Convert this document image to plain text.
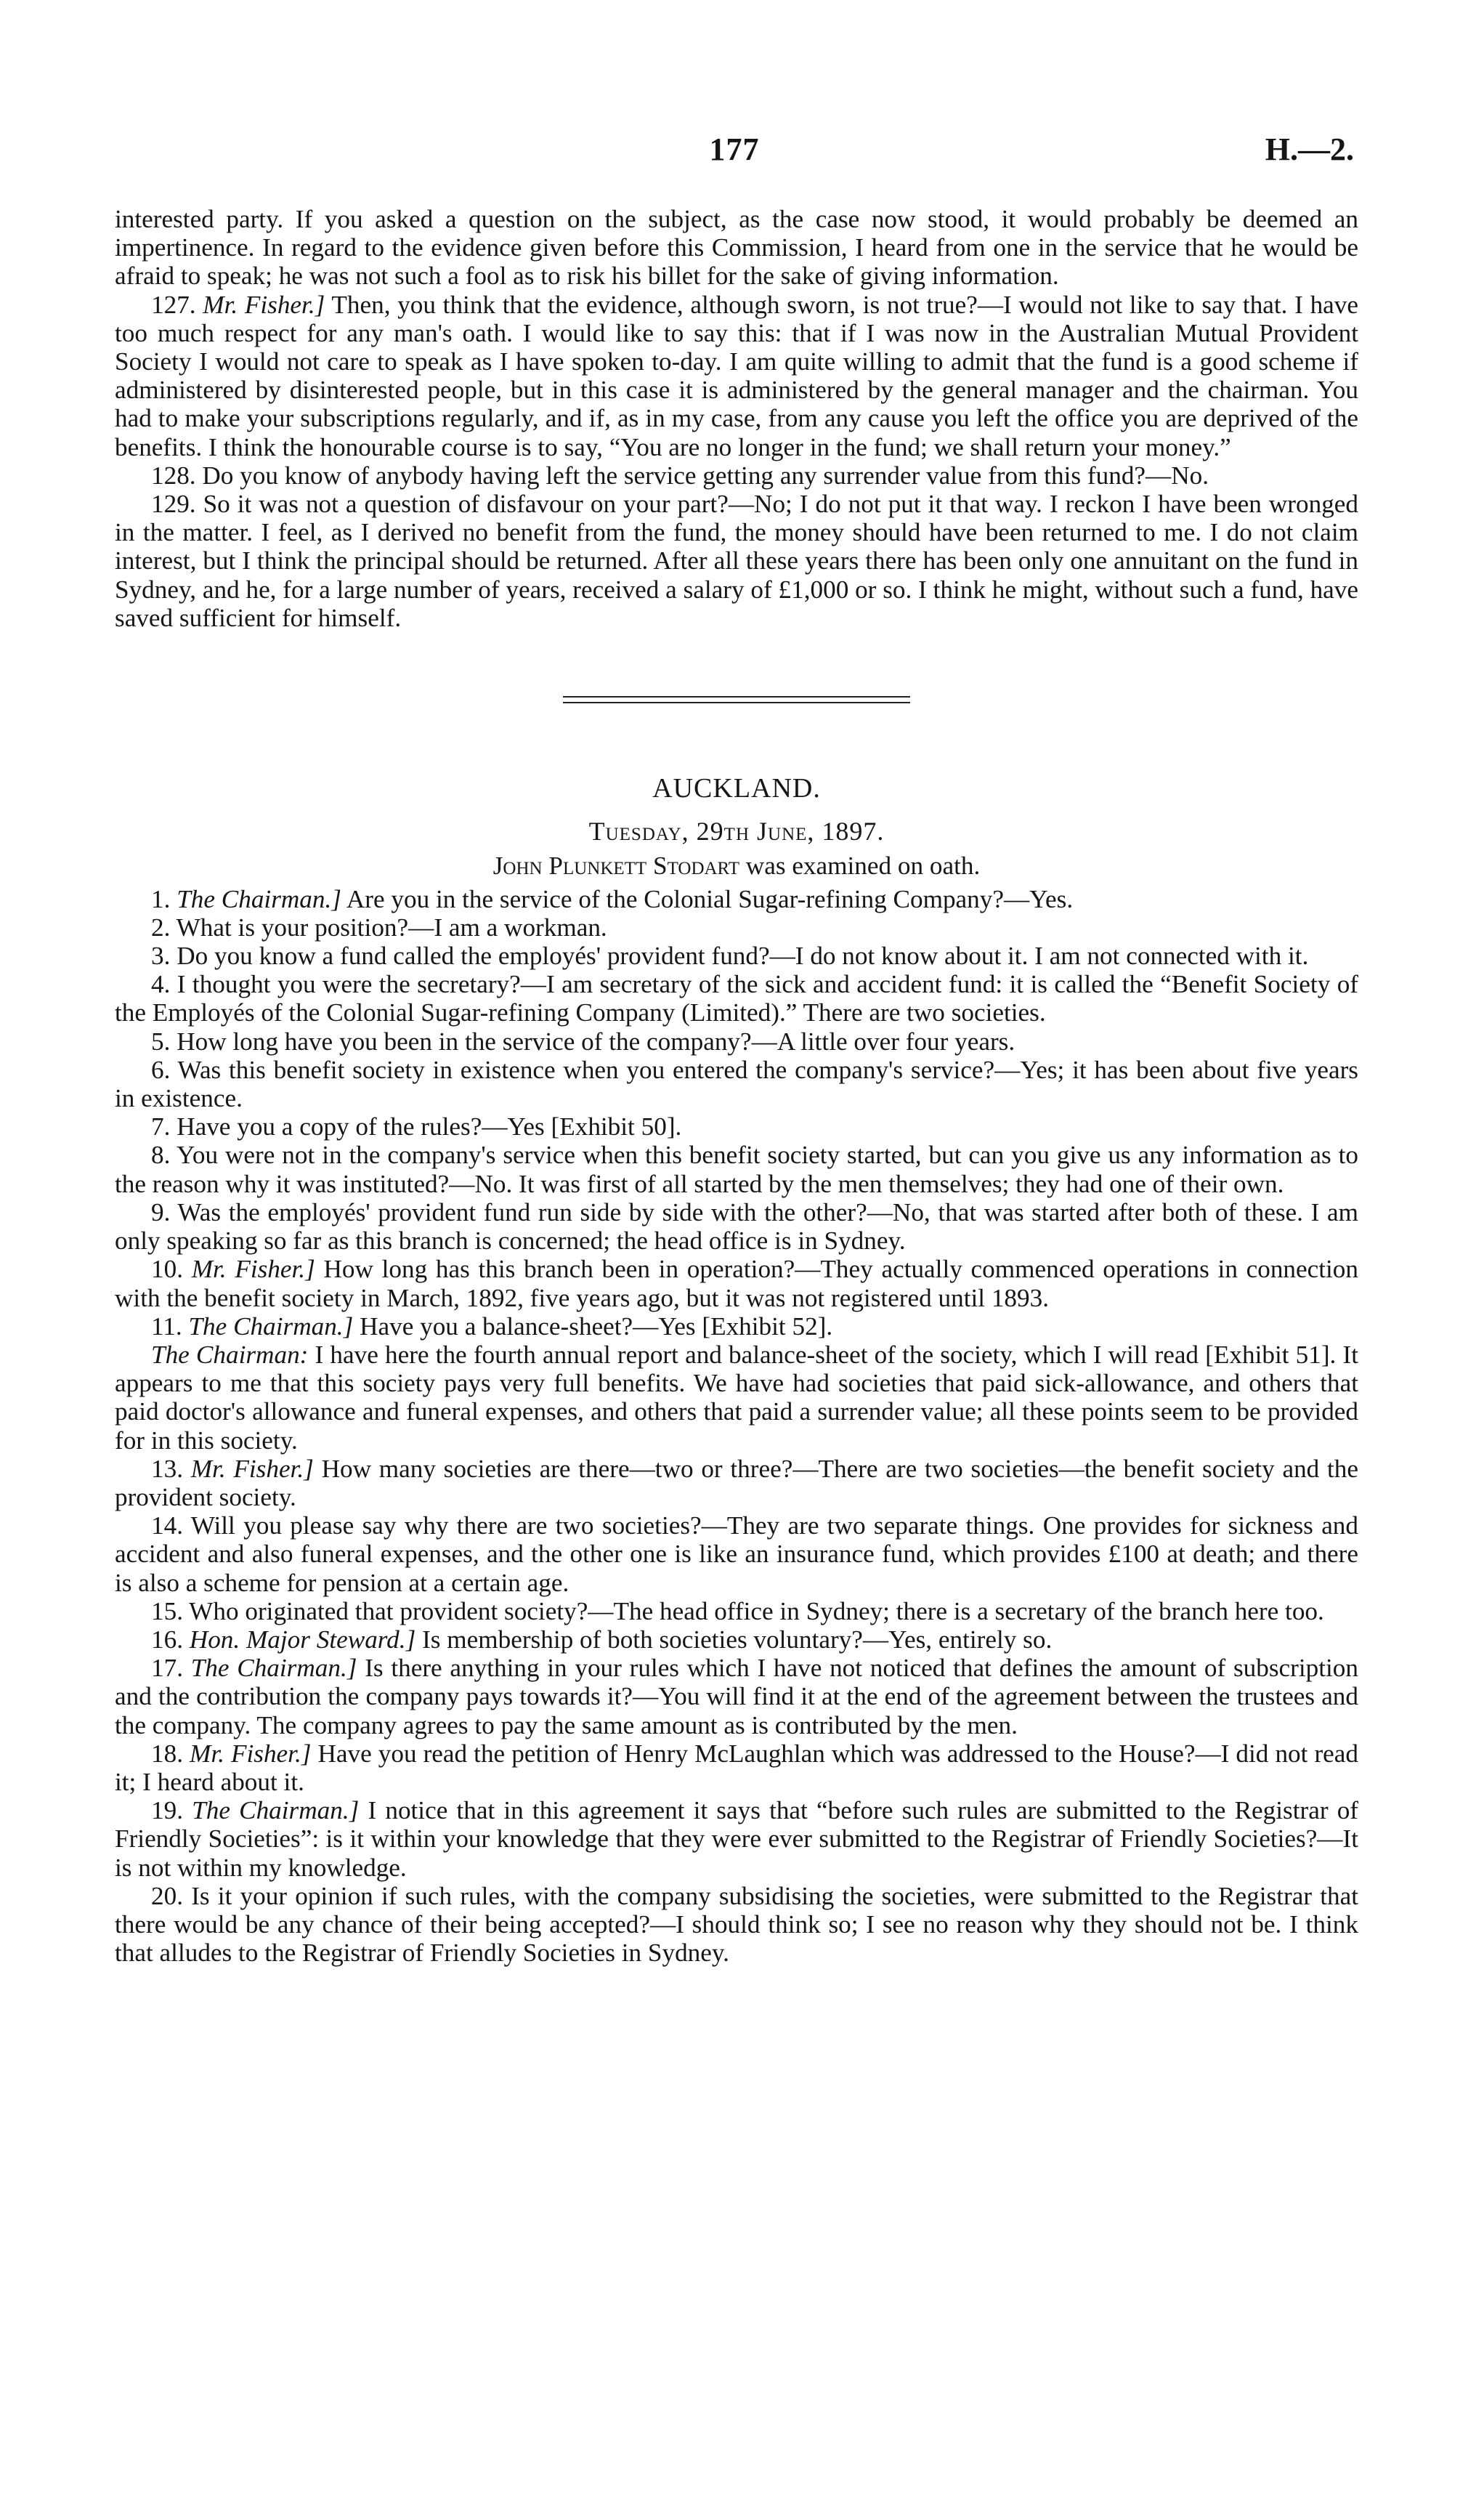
177	H.—2.

interested party. If you asked a question on the subject, as the case now stood, it would probably be deemed an impertinence. In regard to the evidence given before this Commission, I heard from one in the service that he would be afraid to speak; he was not such a fool as to risk his billet for the sake of giving information.

127. Mr. Fisher.] Then, you think that the evidence, although sworn, is not true?—I would not like to say that. I have too much respect for any man's oath. I would like to say this: that if I was now in the Australian Mutual Provident Society I would not care to speak as I have spoken to-day. I am quite willing to admit that the fund is a good scheme if administered by disinterested people, but in this case it is administered by the general manager and the chairman. You had to make your subscriptions regularly, and if, as in my case, from any cause you left the office you are deprived of the benefits. I think the honourable course is to say, “You are no longer in the fund; we shall return your money.”

128. Do you know of anybody having left the service getting any surrender value from this fund?—No.

129. So it was not a question of disfavour on your part?—No; I do not put it that way. I reckon I have been wronged in the matter. I feel, as I derived no benefit from the fund, the money should have been returned to me. I do not claim interest, but I think the principal should be returned. After all these years there has been only one annuitant on the fund in Sydney, and he, for a large number of years, received a salary of £1,000 or so. I think he might, without such a fund, have saved sufficient for himself.

AUCKLAND.
Tuesday, 29th June, 1897.
John Plunkett Stodart was examined on oath.

1. The Chairman.] Are you in the service of the Colonial Sugar-refining Company?—Yes.

2. What is your position?—I am a workman.

3. Do you know a fund called the employés' provident fund?—I do not know about it. I am not connected with it.

4. I thought you were the secretary?—I am secretary of the sick and accident fund: it is called the “Benefit Society of the Employés of the Colonial Sugar-refining Company (Limited).” There are two societies.

5. How long have you been in the service of the company?—A little over four years.

6. Was this benefit society in existence when you entered the company's service?—Yes; it has been about five years in existence.

7. Have you a copy of the rules?—Yes [Exhibit 50].

8. You were not in the company's service when this benefit society started, but can you give us any information as to the reason why it was instituted?—No. It was first of all started by the men themselves; they had one of their own.

9. Was the employés' provident fund run side by side with the other?—No, that was started after both of these. I am only speaking so far as this branch is concerned; the head office is in Sydney.

10. Mr. Fisher.] How long has this branch been in operation?—They actually commenced operations in connection with the benefit society in March, 1892, five years ago, but it was not registered until 1893.

11. The Chairman.] Have you a balance-sheet?—Yes [Exhibit 52].

The Chairman: I have here the fourth annual report and balance-sheet of the society, which I will read [Exhibit 51]. It appears to me that this society pays very full benefits. We have had societies that paid sick-allowance, and others that paid doctor's allowance and funeral expenses, and others that paid a surrender value; all these points seem to be provided for in this society.

13. Mr. Fisher.] How many societies are there—two or three?—There are two societies—the benefit society and the provident society.

14. Will you please say why there are two societies?—They are two separate things. One provides for sickness and accident and also funeral expenses, and the other one is like an insurance fund, which provides £100 at death; and there is also a scheme for pension at a certain age.

15. Who originated that provident society?—The head office in Sydney; there is a secretary of the branch here too.

16. Hon. Major Steward.] Is membership of both societies voluntary?—Yes, entirely so.

17. The Chairman.] Is there anything in your rules which I have not noticed that defines the amount of subscription and the contribution the company pays towards it?—You will find it at the end of the agreement between the trustees and the company. The company agrees to pay the same amount as is contributed by the men.

18. Mr. Fisher.] Have you read the petition of Henry McLaughlan which was addressed to the House?—I did not read it; I heard about it.

19. The Chairman.] I notice that in this agreement it says that “before such rules are submitted to the Registrar of Friendly Societies”: is it within your knowledge that they were ever submitted to the Registrar of Friendly Societies?—It is not within my knowledge.

20. Is it your opinion if such rules, with the company subsidising the societies, were submitted to the Registrar that there would be any chance of their being accepted?—I should think so; I see no reason why they should not be. I think that alludes to the Registrar of Friendly Societies in Sydney.
